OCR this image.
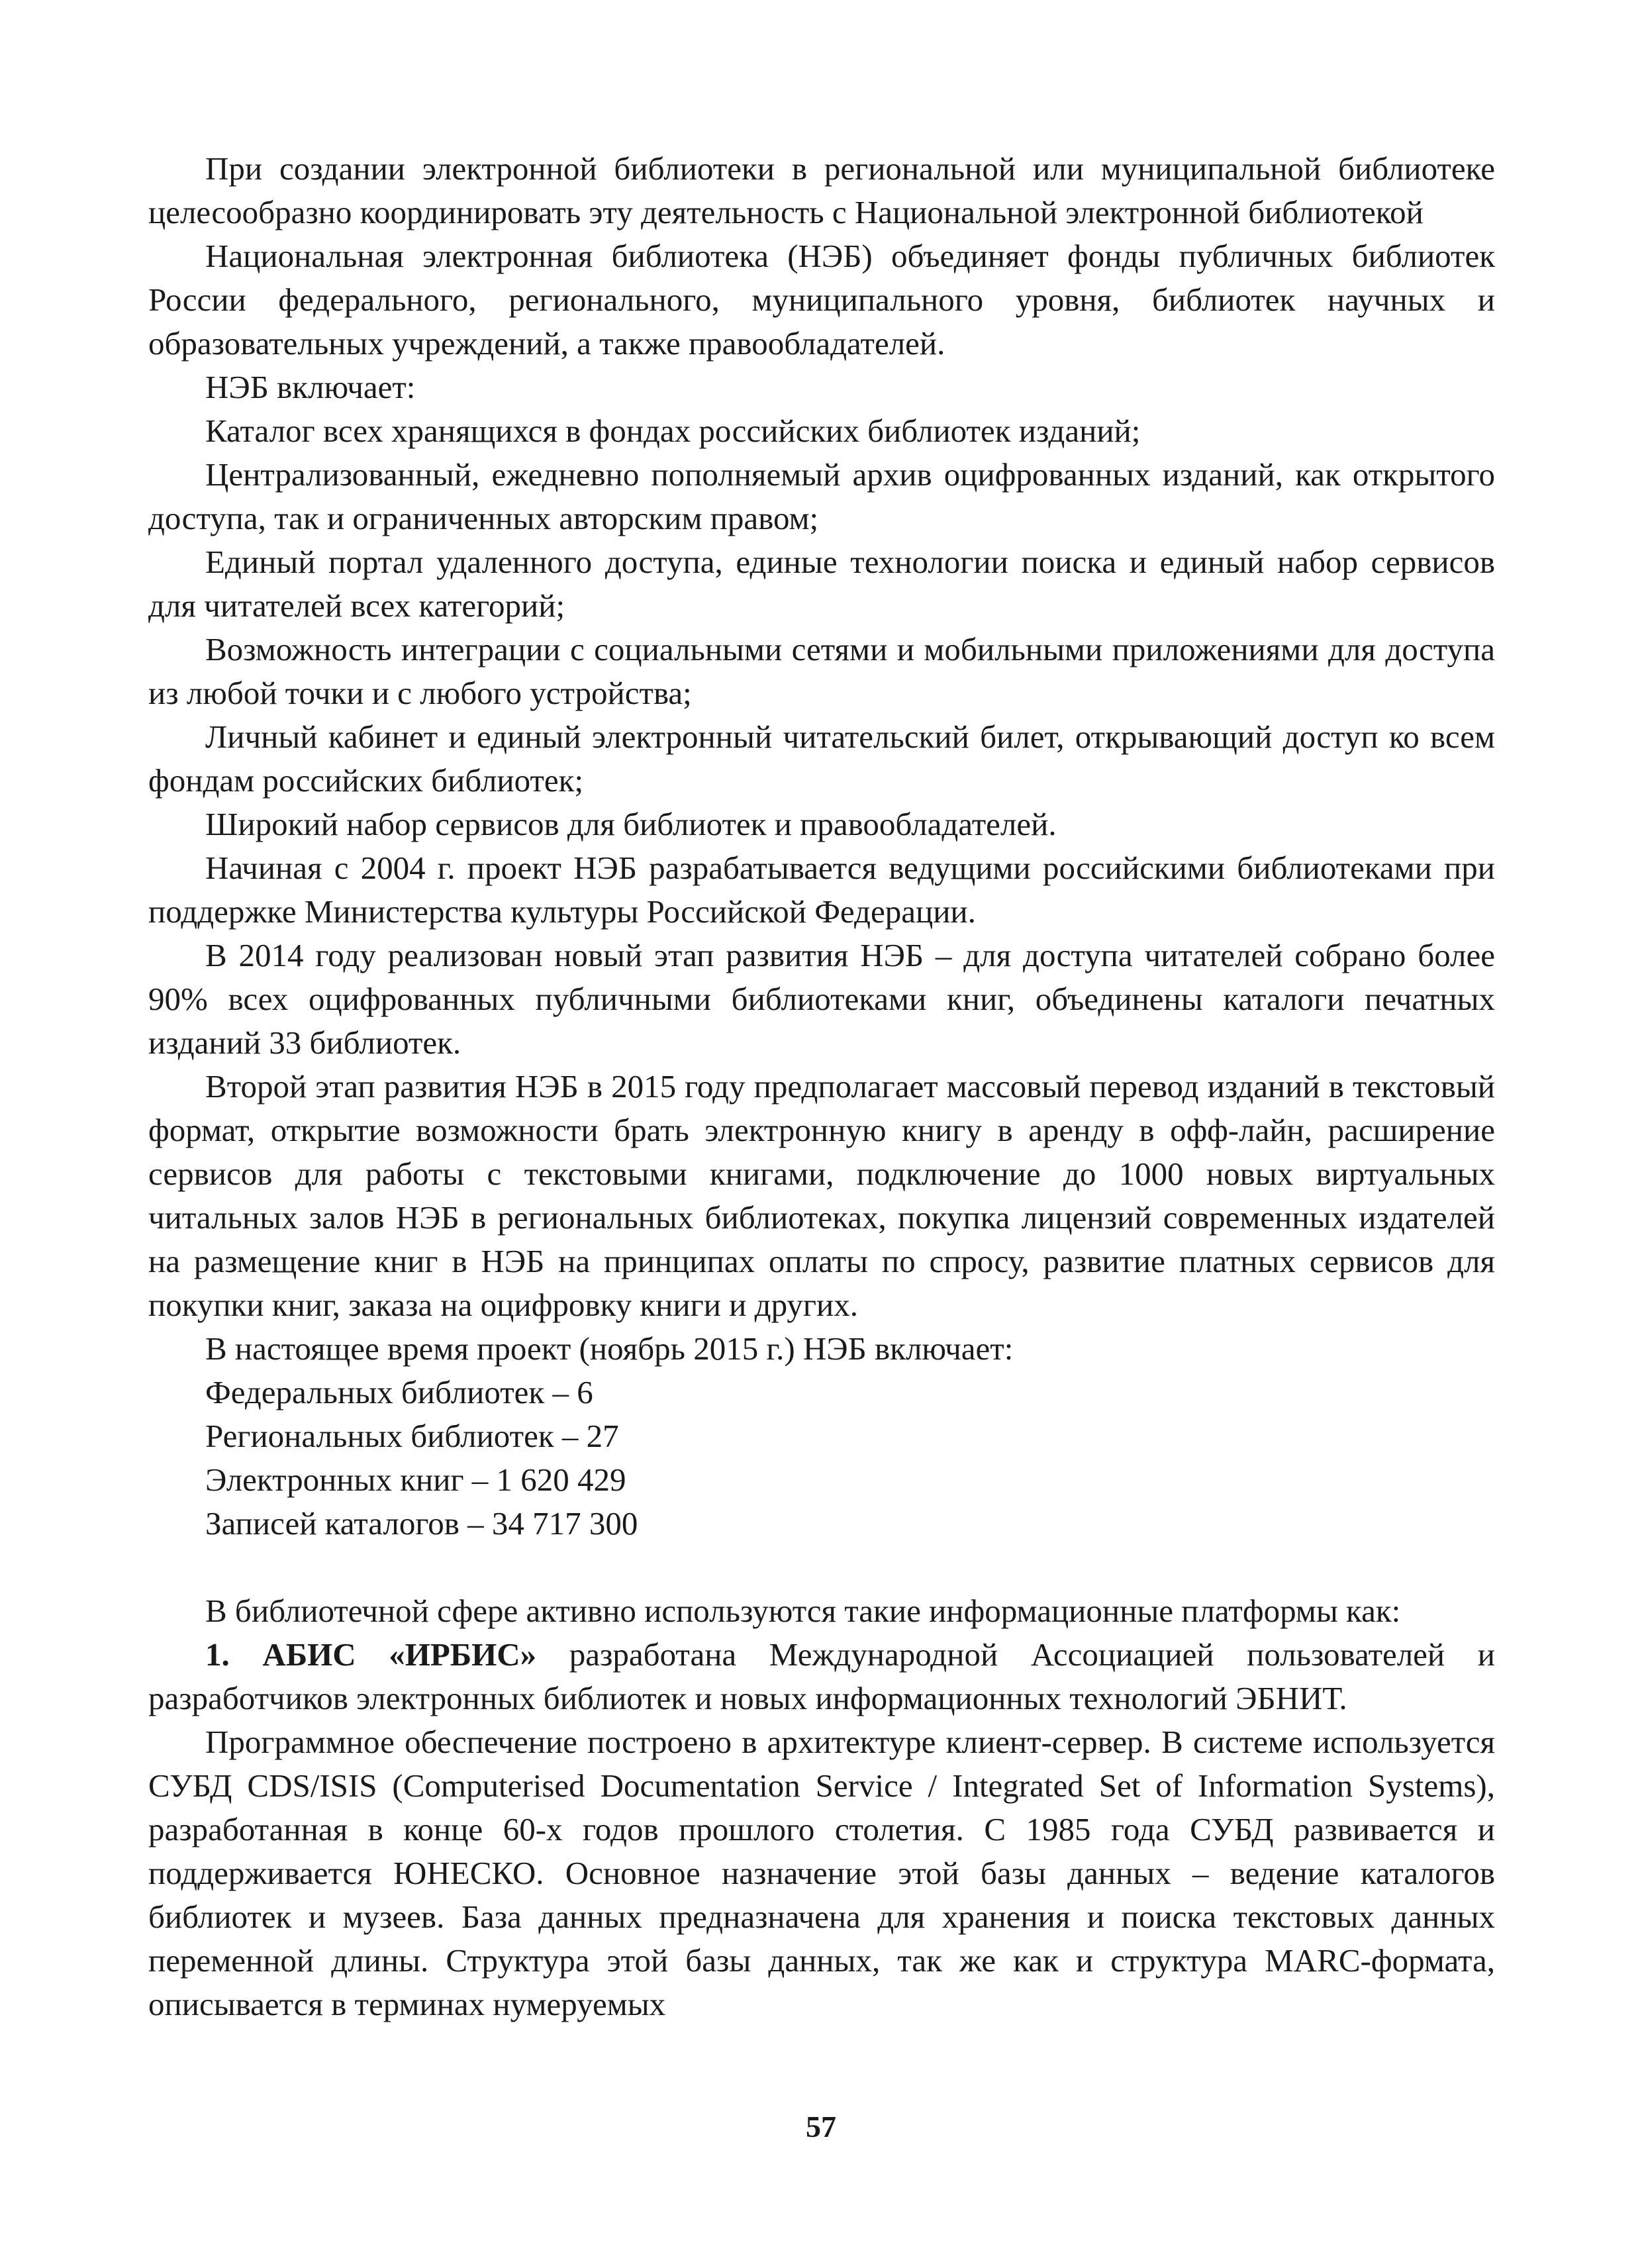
При создании электронной библиотеки в региональной или муниципальной библиотеке целесообразно координировать эту деятельность с Национальной электронной библиотекой

Национальная электронная библиотека (НЭБ) объединяет фонды публичных библиотек России федерального, регионального, муниципального уровня, библиотек научных и образовательных учреждений, а также правообладателей.

НЭБ включает:

Каталог всех хранящихся в фондах российских библиотек изданий;

Централизованный, ежедневно пополняемый архив оцифрованных изданий, как открытого доступа, так и ограниченных авторским правом;

Единый портал удаленного доступа, единые технологии поиска и единый набор сервисов для читателей всех категорий;

Возможность интеграции с социальными сетями и мобильными приложениями для доступа из любой точки и с любого устройства;

Личный кабинет и единый электронный читательский билет, открывающий доступ ко всем фондам российских библиотек;

Широкий набор сервисов для библиотек и правообладателей.

Начиная с 2004 г. проект НЭБ разрабатывается ведущими российскими библиотеками при поддержке Министерства культуры Российской Федерации.

В 2014 году реализован новый этап развития НЭБ – для доступа читателей собрано более 90% всех оцифрованных публичными библиотеками книг, объединены каталоги печатных изданий 33 библиотек.

Второй этап развития НЭБ в 2015 году предполагает массовый перевод изданий в текстовый формат, открытие возможности брать электронную книгу в аренду в офф-лайн, расширение сервисов для работы с текстовыми книгами, подключение до 1000 новых виртуальных читальных залов НЭБ в региональных библиотеках, покупка лицензий современных издателей на размещение книг в НЭБ на принципах оплаты по спросу, развитие платных сервисов для покупки книг, заказа на оцифровку книги и других.

В настоящее время проект (ноябрь 2015 г.) НЭБ включает:

Федеральных библиотек – 6

Региональных библиотек – 27

Электронных книг – 1 620 429

Записей каталогов – 34 717 300

В библиотечной сфере активно используются такие информационные платформы как:

1. АБИС «ИРБИС» разработана Международной Ассоциацией пользователей и разработчиков электронных библиотек и новых информационных технологий ЭБНИТ.

Программное обеспечение построено в архитектуре клиент-сервер. В системе используется СУБД CDS/ISIS (Computerised Documentation Service / Integrated Set of Information Systems), разработанная в конце 60-х годов прошлого столетия. С 1985 года СУБД развивается и поддерживается ЮНЕСКО. Основное назначение этой базы данных – ведение каталогов библиотек и музеев. База данных предназначена для хранения и поиска текстовых данных переменной длины. Структура этой базы данных, так же как и структура MARC-формата, описывается в терминах нумеруемых

57
